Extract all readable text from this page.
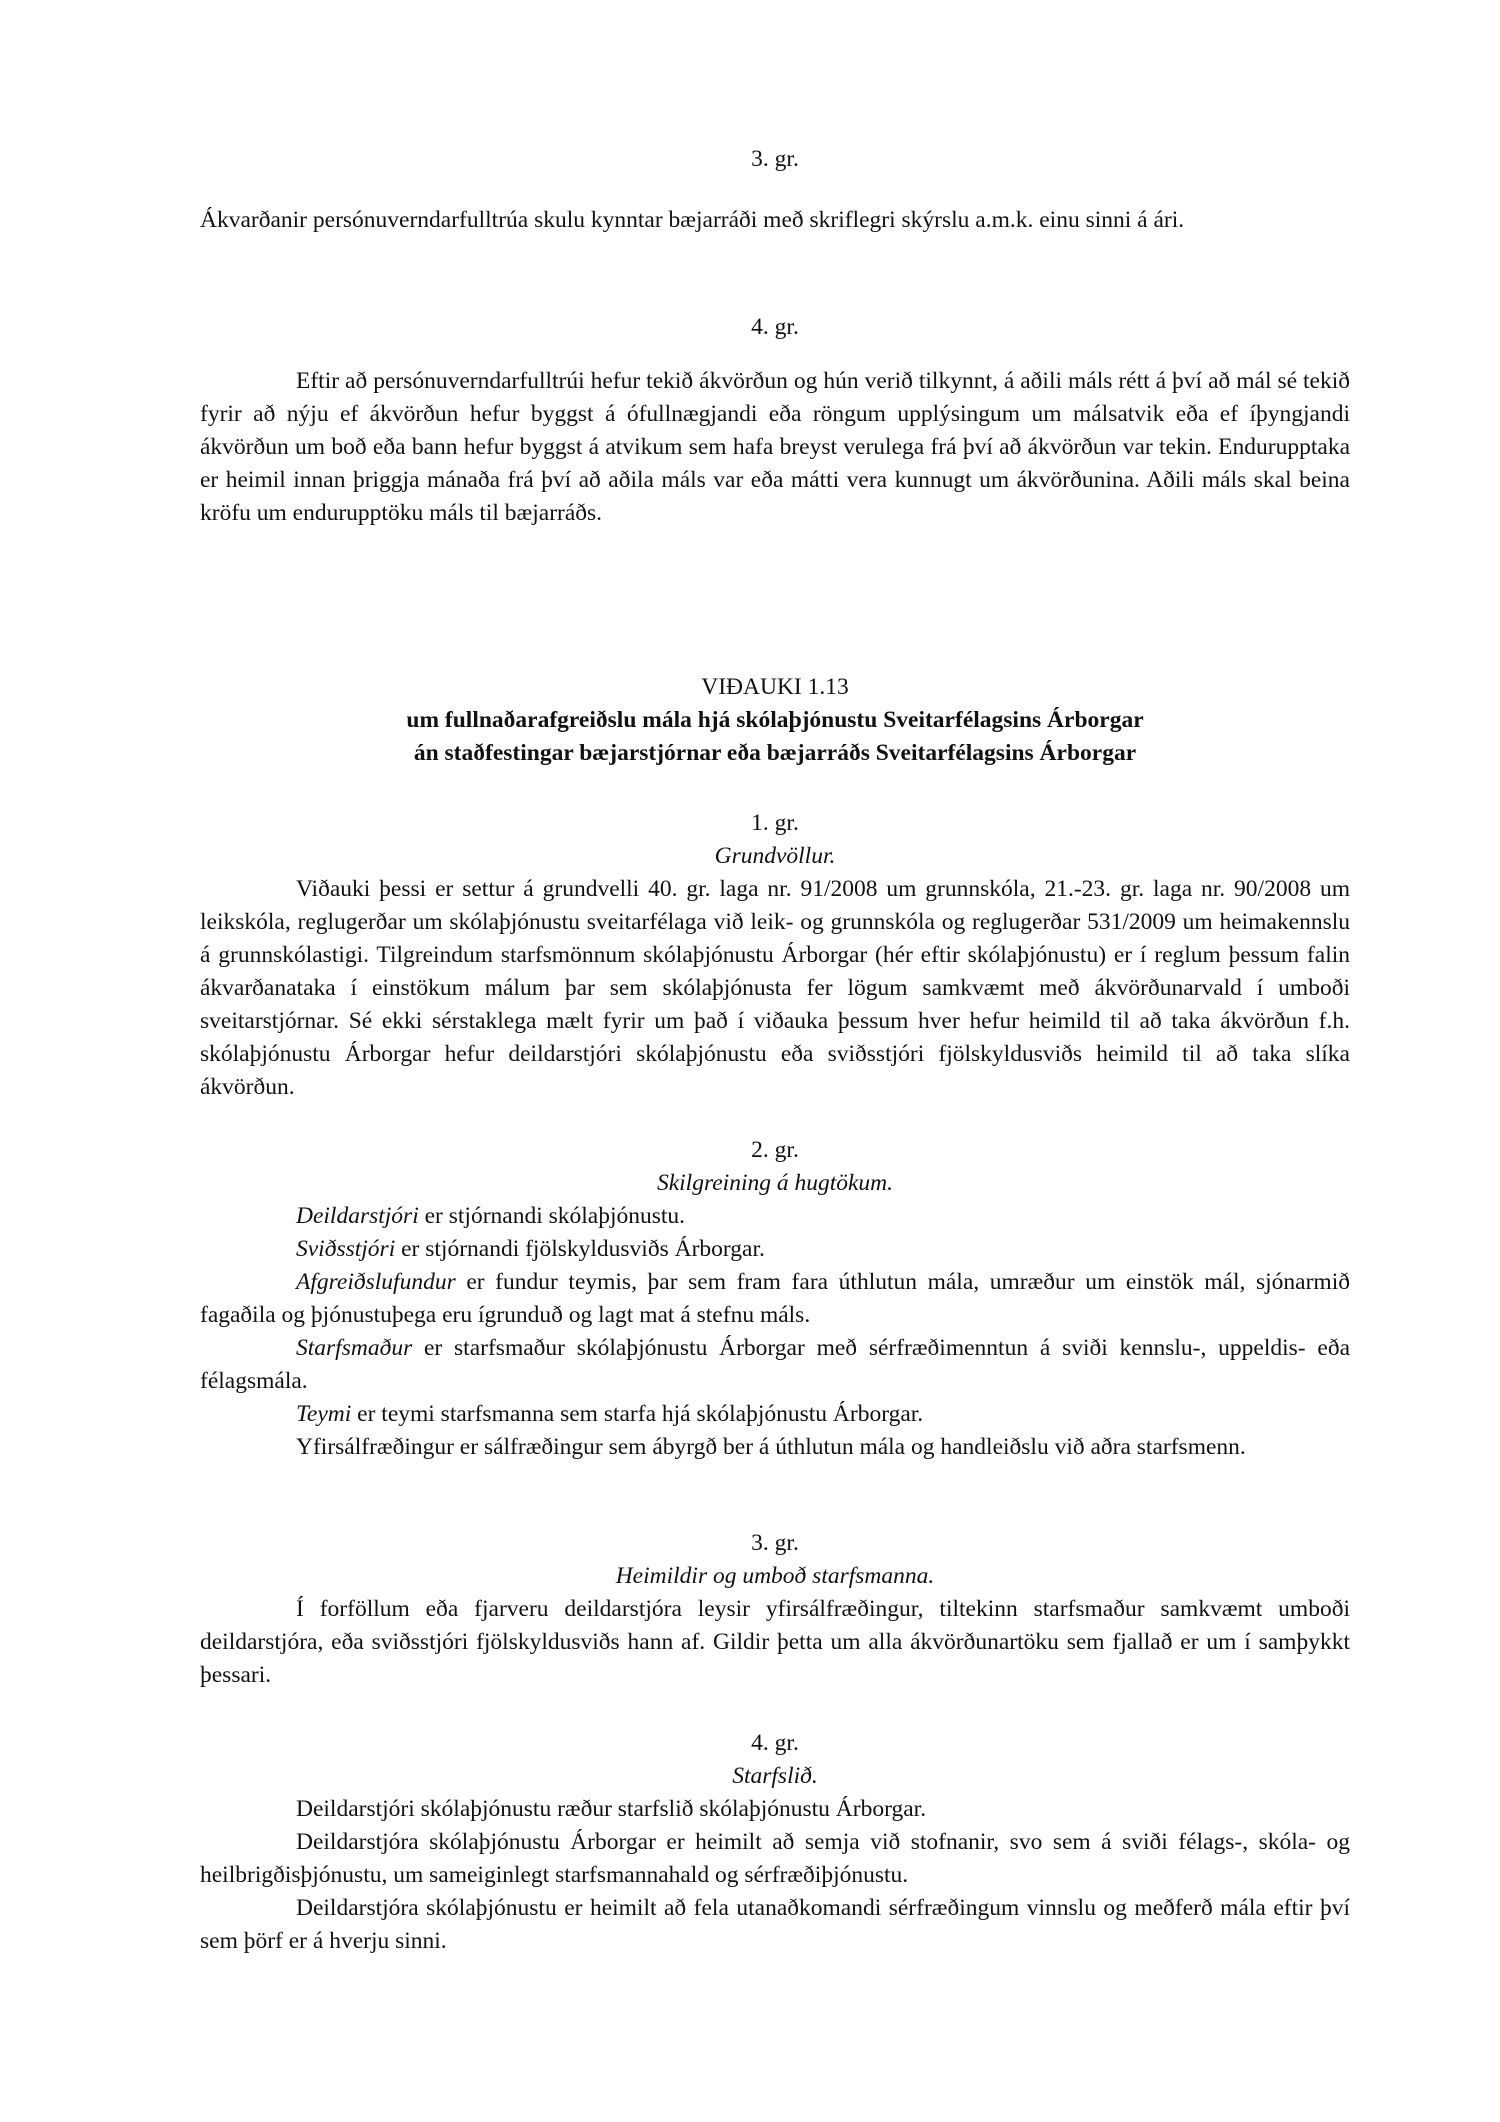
3. gr.

Ákvarðanir persónuverndarfulltrúa skulu kynntar bæjarráði með skriflegri skýrslu a.m.k. einu sinni á ári.

4. gr.

Eftir að persónuverndarfulltrúi hefur tekið ákvörðun og hún verið tilkynnt, á aðili máls rétt á því að mál sé tekið fyrir að nýju ef ákvörðun hefur byggst á ófullnægjandi eða röngum upplýsingum um málsatvik eða ef íþyngjandi ákvörðun um boð eða bann hefur byggst á atvikum sem hafa breyst verulega frá því að ákvörðun var tekin. Endurupptaka er heimil innan þriggja mánaða frá því að aðila máls var eða mátti vera kunnugt um ákvörðunina. Aðili máls skal beina kröfu um endurupptöku máls til bæjarráðs.

VIÐAUKI 1.13

um fullnaðarafgreiðslu mála hjá skólaþjónustu Sveitarfélagsins Árborgar

án staðfestingar bæjarstjórnar eða bæjarráðs Sveitarfélagsins Árborgar

1. gr.

Grundvöllur.

Viðauki þessi er settur á grundvelli 40. gr. laga nr. 91/2008 um grunnskóla, 21.-23. gr. laga nr. 90/2008 um leikskóla, reglugerðar um skólaþjónustu sveitarfélaga við leik- og grunnskóla og reglugerðar 531/2009 um heimakennslu á grunnskólastigi. Tilgreindum starfsmönnum skólaþjónustu Árborgar (hér eftir skólaþjónustu) er í reglum þessum falin ákvarðanataka í einstökum málum þar sem skólaþjónusta fer lögum samkvæmt með ákvörðunarvald í umboði sveitarstjórnar. Sé ekki sérstaklega mælt fyrir um það í viðauka þessum hver hefur heimild til að taka ákvörðun f.h. skólaþjónustu Árborgar hefur deildarstjóri skólaþjónustu eða sviðsstjóri fjölskyldusviðs heimild til að taka slíka ákvörðun.

2. gr.

Skilgreining á hugtökum.

Deildarstjóri er stjórnandi skólaþjónustu.

Sviðsstjóri er stjórnandi fjölskyldusviðs Árborgar.

Afgreiðslufundur er fundur teymis, þar sem fram fara úthlutun mála, umræður um einstök mál, sjónarmið fagaðila og þjónustuþega eru ígrunduð og lagt mat á stefnu máls.

Starfsmaður er starfsmaður skólaþjónustu Árborgar með sérfræðimenntun á sviði kennslu-, uppeldis- eða félagsmála.

Teymi er teymi starfsmanna sem starfa hjá skólaþjónustu Árborgar.

Yfirsálfræðingur er sálfræðingur sem ábyrgð ber á úthlutun mála og handleiðslu við aðra starfsmenn.

3. gr.

Heimildir og umboð starfsmanna.

Í forföllum eða fjarveru deildarstjóra leysir yfirsálfræðingur, tiltekinn starfsmaður samkvæmt umboði deildarstjóra, eða sviðsstjóri fjölskyldusviðs hann af. Gildir þetta um alla ákvörðunartöku sem fjallað er um í samþykkt þessari.

4. gr.

Starfslið.

Deildarstjóri skólaþjónustu ræður starfslið skólaþjónustu Árborgar.

Deildarstjóra skólaþjónustu Árborgar er heimilt að semja við stofnanir, svo sem á sviði félags-, skóla- og heilbrigðisþjónustu, um sameiginlegt starfsmannahald og sérfræðiþjónustu.

Deildarstjóra skólaþjónustu er heimilt að fela utanaðkomandi sérfræðingum vinnslu og meðferð mála eftir því sem þörf er á hverju sinni.
